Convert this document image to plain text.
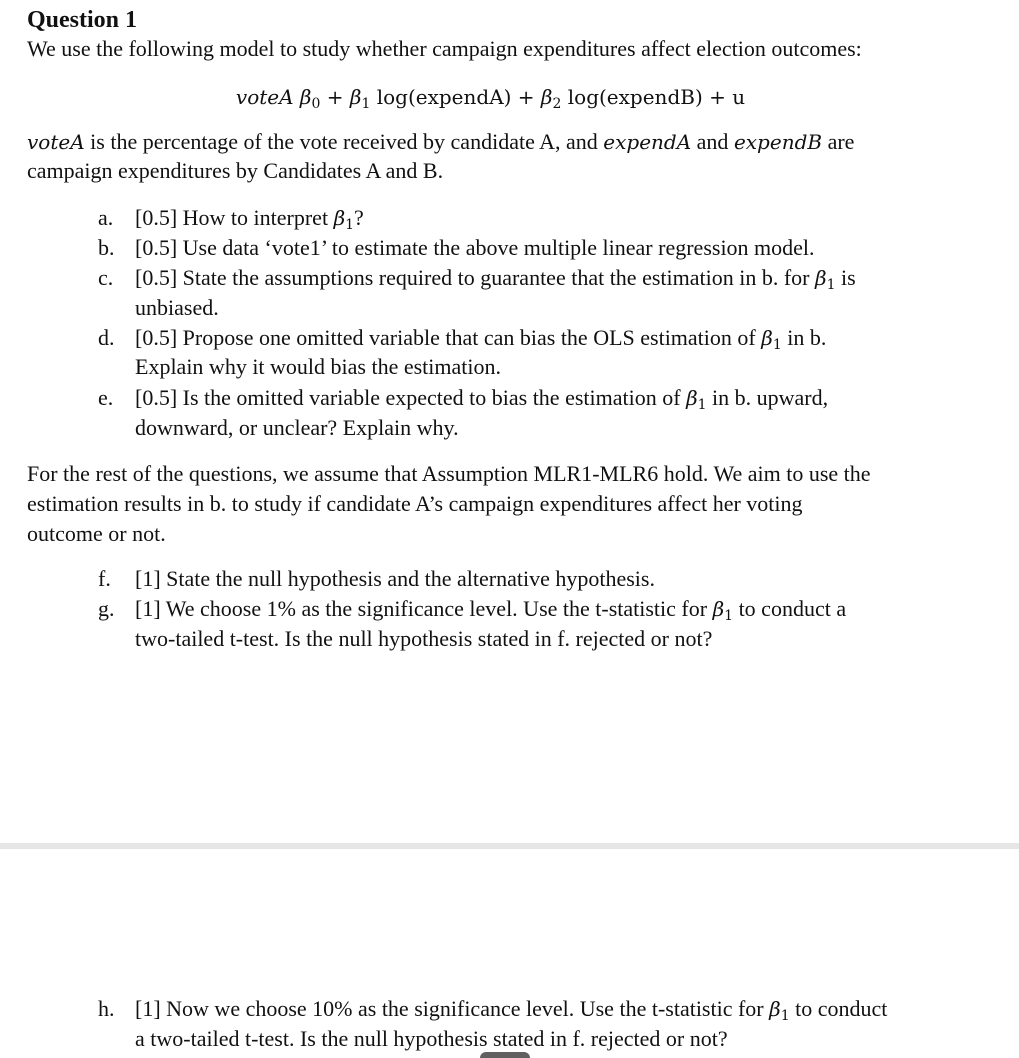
Question 1
We use the following model to study whether campaign expenditures affect election outcomes:
voteA $\beta_0 + \beta_1$ log(expendA) + $\beta_2$ log(expendB) + u
voteA is the percentage of the vote received by candidate A, and expendA and expendB are
campaign expenditures by Candidates A and B.
a. [0.5] How to interpret $\beta_1$?
b. [0.5] Use data ‘vote1’ to estimate the above multiple linear regression model.
c. [0.5] State the assumptions required to guarantee that the estimation in b. for $\beta_1$ is
unbiased.
d. [0.5] Propose one omitted variable that can bias the OLS estimation of $\beta_1$ in b.
Explain why it would bias the estimation.
e. [0.5] Is the omitted variable expected to bias the estimation of $\beta_1$ in b. upward,
downward, or unclear? Explain why.
For the rest of the questions, we assume that Assumption MLR1-MLR6 hold. We aim to use the
estimation results in b. to study if candidate A’s campaign expenditures affect her voting
outcome or not.
f. [1] State the null hypothesis and the alternative hypothesis.
g. [1] We choose 1% as the significance level. Use the t-statistic for $\beta_1$ to conduct a
two-tailed t-test. Is the null hypothesis stated in f. rejected or not?
h. [1] Now we choose 10% as the significance level. Use the t-statistic for $\beta_1$ to conduct
a two-tailed t-test. Is the null hypothesis stated in f. rejected or not?
